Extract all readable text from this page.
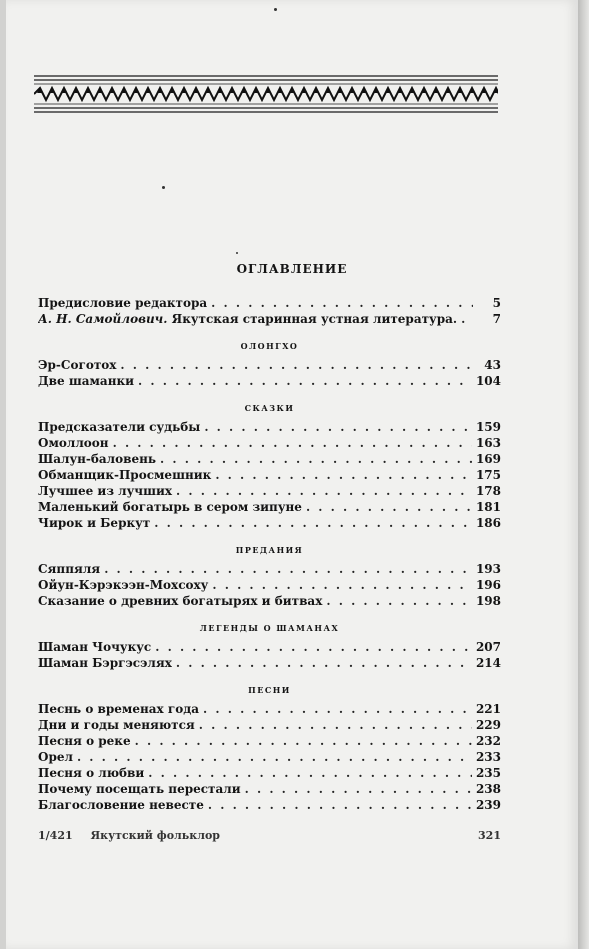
ОГЛАВЛЕНИЕ
Предисловие редактора . . .	5
А. Н. Самойлович. Якутская старинная устная литература. . . .	7
ОЛОНГХО
Эр-Соготох . . .	43
Две шаманки . . .	104
СКАЗКИ
Предсказатели судьбы . . .	159
Омоллоон . . .	163
Шалун-баловень . . .	169
Обманщик-Просмешник . . .	175
Лучшее из лучших . . .	178
Маленький богатырь в сером зипуне . . .	181
Чирок и Беркут . . .	186
ПРЕДАНИЯ
Сяппяля . . .	193
Ойун-Кэрэкээн-Мохсоху . . .	196
Сказание о древних богатырях и битвах . . .	198
ЛЕГЕНДЫ О ШАМАНАХ
Шаман Чочукус . . .	207
Шаман Бэргэсэлях . . .	214
ПЕСНИ
Песнь о временах года . . .	221
Дни и годы меняются . . .	229
Песня о реке . . .	232
Орел . . .	233
Песня о любви . . .	235
Почему посещать перестали . . .	238
Благословение невесте . . .	239
1/421 Якутский фольклор	321
